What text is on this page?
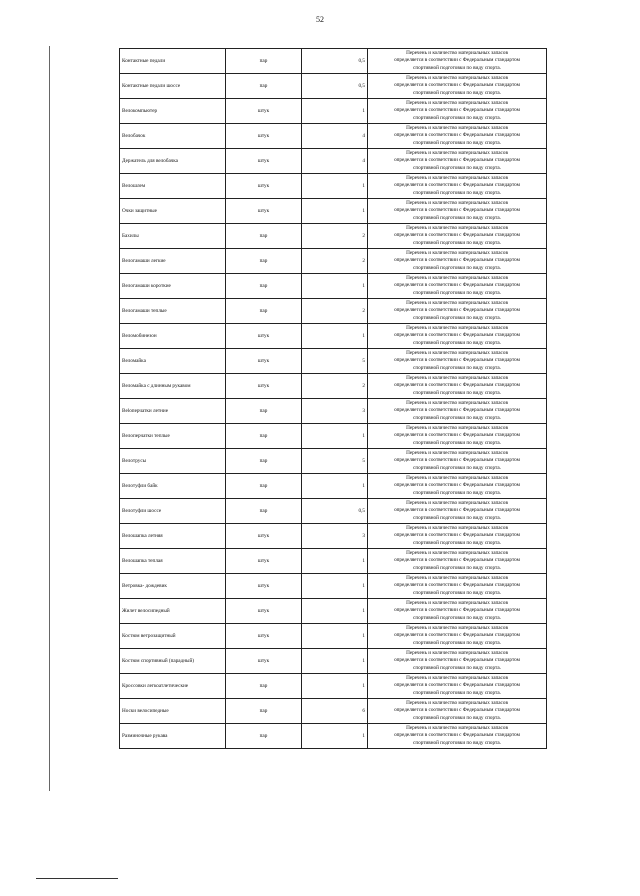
52
Контактные педали	пар	0,5	Перечень и количество материальных запасов
определяется в соответствии с Федеральным стандартом
спортивной подготовки по виду спорта.

Контактные педали шоссе	пар	0,5	Перечень и количество материальных запасов
определяется в соответствии с Федеральным стандартом
спортивной подготовки по виду спорта.

Велокомпьютер	штук	1	Перечень и количество материальных запасов
определяется в соответствии с Федеральным стандартом
спортивной подготовки по виду спорта.

Велобачок	штук	4	Перечень и количество материальных запасов
определяется в соответствии с Федеральным стандартом
спортивной подготовки по виду спорта.

Держатель для велобачка	штук	4	Перечень и количество материальных запасов
определяется в соответствии с Федеральным стандартом
спортивной подготовки по виду спорта.

Велошлем	штук	1	Перечень и количество материальных запасов
определяется в соответствии с Федеральным стандартом
спортивной подготовки по виду спорта.

Очки защитные	штук	1	Перечень и количество материальных запасов
определяется в соответствии с Федеральным стандартом
спортивной подготовки по виду спорта.

Бахилы	пар	2	Перечень и количество материальных запасов
определяется в соответствии с Федеральным стандартом
спортивной подготовки по виду спорта.

Велогамаши легкие	пар	2	Перечень и количество материальных запасов
определяется в соответствии с Федеральным стандартом
спортивной подготовки по виду спорта.

Велогамаши короткие	пар	1	Перечень и количество материальных запасов
определяется в соответствии с Федеральным стандартом
спортивной подготовки по виду спорта.

Велогамаши теплые	пар	2	Перечень и количество материальных запасов
определяется в соответствии с Федеральным стандартом
спортивной подготовки по виду спорта.

Веломобинезон	штук	1	Перечень и количество материальных запасов
определяется в соответствии с Федеральным стандартом
спортивной подготовки по виду спорта.

Веломайка	штук	5	Перечень и количество материальных запасов
определяется в соответствии с Федеральным стандартом
спортивной подготовки по виду спорта.

Веломайка с длинным рукавом	штук	2	Перечень и количество материальных запасов
определяется в соответствии с Федеральным стандартом
спортивной подготовки по виду спорта.

Веloперчатки летние	пар	3	Перечень и количество материальных запасов
определяется в соответствии с Федеральным стандартом
спортивной подготовки по виду спорта.

Велоперчатки теплые	пар	1	Перечень и количество материальных запасов
определяется в соответствии с Федеральным стандартом
спортивной подготовки по виду спорта.

Велотрусы	пар	5	Перечень и количество материальных запасов
определяется в соответствии с Федеральным стандартом
спортивной подготовки по виду спорта.

Велотуфли байк	пар	1	Перечень и количество материальных запасов
определяется в соответствии с Федеральным стандартом
спортивной подготовки по виду спорта.

Велотуфли шоссе	пар	0,5	Перечень и количество материальных запасов
определяется в соответствии с Федеральным стандартом
спортивной подготовки по виду спорта.

Велошапка летняя	штук	3	Перечень и количество материальных запасов
определяется в соответствии с Федеральным стандартом
спортивной подготовки по виду спорта.

Велошапка теплая	штук	1	Перечень и количество материальных запасов
определяется в соответствии с Федеральным стандартом
спортивной подготовки по виду спорта.

Ветровка- дождевик	штук	1	Перечень и количество материальных запасов
определяется в соответствии с Федеральным стандартом
спортивной подготовки по виду спорта.

Жилет велосипедный	штук	1	Перечень и количество материальных запасов
определяется в соответствии с Федеральным стандартом
спортивной подготовки по виду спорта.

Костюм ветрозащитный	штук	1	Перечень и количество материальных запасов
определяется в соответствии с Федеральным стандартом
спортивной подготовки по виду спорта.

Костюм спортивный (парадный)	штук	1	Перечень и количество материальных запасов
определяется в соответствии с Федеральным стандартом
спортивной подготовки по виду спорта.

Кроссовки легкоатлетические	пар	1	Перечень и количество материальных запасов
определяется в соответствии с Федеральным стандартом
спортивной подготовки по виду спорта.

Носки велосипедные	пар	6	Перечень и количество материальных запасов
определяется в соответствии с Федеральным стандартом
спортивной подготовки по виду спорта.

Разминочные рукава	пар	1	Перечень и количество материальных запасов
определяется в соответствии с Федеральным стандартом
спортивной подготовки по виду спорта.
